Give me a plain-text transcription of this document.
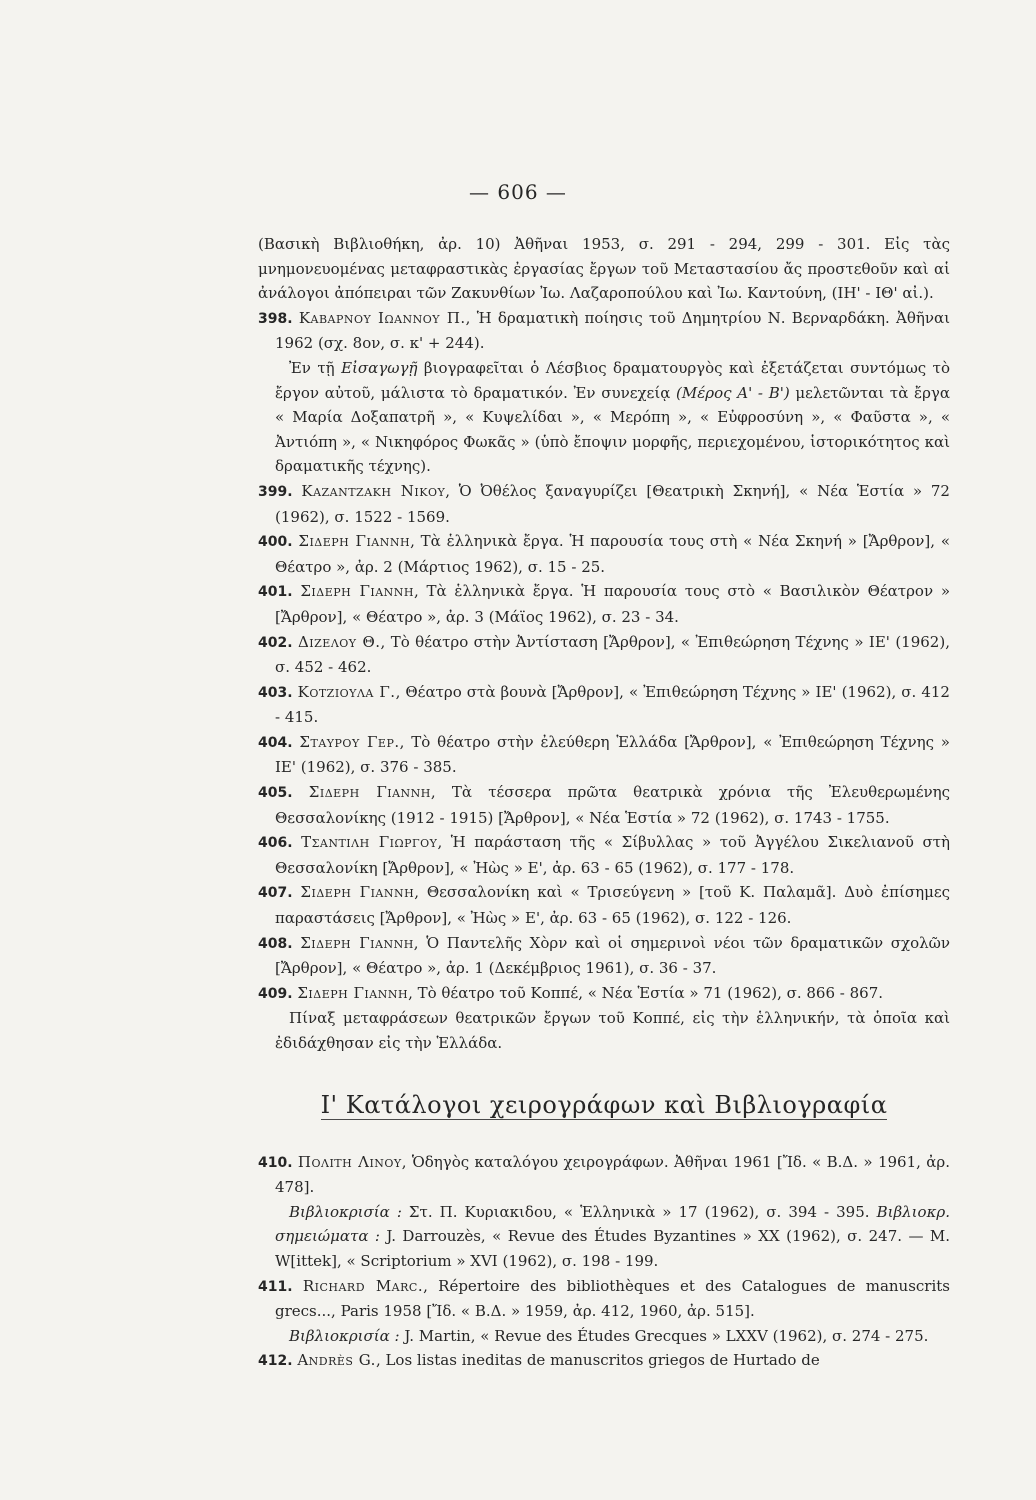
— 606 —

(Βασικὴ Βιβλιοθήκη, ἀρ. 10) Ἀθῆναι 1953, σ. 291 - 294, 299 - 301. Εἰς τὰς μνημονευομένας μεταφραστικὰς ἐργασίας ἔργων τοῦ Μεταστασίου ἄς προστεθοῦν καὶ αἱ ἀνάλογοι ἀπόπειραι τῶν Ζακυνθίων Ἰω. Λαζαροπούλου καὶ Ἰω. Καντούνη, (ΙΗ' - ΙΘ' αἰ.).

398. Καβαρνου Ιωαννου Π., Ἡ δραματικὴ ποίησις τοῦ Δημητρίου Ν. Βερναρδάκη. Ἀθῆναι 1962 (σχ. 8ον, σ. κ' + 244).

Ἐν τῇ Εἰσαγωγῇ βιογραφεῖται ὁ Λέσβιος δραματουργὸς καὶ ἐξετάζεται συντόμως τὸ ἔργον αὐτοῦ, μάλιστα τὸ δραματικόν. Ἐν συνεχείᾳ (Μέρος Α' - Β') μελετῶνται τὰ ἔργα « Μαρία Δοξαπατρῆ », « Κυψελίδαι », « Μερόπη », « Εὐφροσύνη », « Φαῦστα », « Ἀντιόπη », « Νικηφόρος Φωκᾶς » (ὑπὸ ἔποψιν μορφῆς, περιεχομένου, ἱστορικότητος καὶ δραματικῆς τέχνης).

399. Καζαντζακη Νικου, Ὁ Ὀθέλος ξαναγυρίζει [Θεατρικὴ Σκηνή], « Νέα Ἑστία » 72 (1962), σ. 1522 - 1569.

400. Σιδερη Γιαννη, Τὰ ἑλληνικὰ ἔργα. Ἡ παρουσία τους στὴ « Νέα Σκηνή » [Ἄρθρον], « Θέατρο », ἀρ. 2 (Μάρτιος 1962), σ. 15 - 25.

401. Σιδερη Γιαννη, Τὰ ἑλληνικὰ ἔργα. Ἡ παρουσία τους στὸ « Βασιλικὸν Θέατρον » [Ἄρθρον], « Θέατρο », ἀρ. 3 (Μάϊος 1962), σ. 23 - 34.

402. Διζελου Θ., Τὸ θέατρο στὴν Ἀντίσταση [Ἄρθρον], « Ἐπιθεώρηση Τέχνης » ΙΕ' (1962), σ. 452 - 462.

403. Κοτζιουλα Γ., Θέατρο στὰ βουνὰ [Ἄρθρον], « Ἐπιθεώρηση Τέχνης » ΙΕ' (1962), σ. 412 - 415.

404. Σταυρου Γερ., Τὸ θέατρο στὴν ἐλεύθερη Ἑλλάδα [Ἄρθρον], « Ἐπιθεώρηση Τέχνης » ΙΕ' (1962), σ. 376 - 385.

405. Σιδερη Γιαννη, Τὰ τέσσερα πρῶτα θεατρικὰ χρόνια τῆς Ἐλευθερωμένης Θεσσαλονίκης (1912 - 1915) [Ἄρθρον], « Νέα Ἑστία » 72 (1962), σ. 1743 - 1755.

406. Τσαντιλη Γιωργου, Ἡ παράσταση τῆς « Σίβυλλας » τοῦ Ἀγγέλου Σικελιανοῦ στὴ Θεσσαλονίκη [Ἄρθρον], « Ἠὼς » Ε', ἀρ. 63 - 65 (1962), σ. 177 - 178.

407. Σιδερη Γιαννη, Θεσσαλονίκη καὶ « Τρισεύγενη » [τοῦ Κ. Παλαμᾶ]. Δυὸ ἐπίσημες παραστάσεις [Ἄρθρον], « Ἠὼς » Ε', ἀρ. 63 - 65 (1962), σ. 122 - 126.

408. Σιδερη Γιαννη, Ὁ Παντελῆς Χὸρν καὶ οἱ σημερινοὶ νέοι τῶν δραματικῶν σχολῶν [Ἄρθρον], « Θέατρο », ἀρ. 1 (Δεκέμβριος 1961), σ. 36 - 37.

409. Σιδερη Γιαννη, Τὸ θέατρο τοῦ Κοππέ, « Νέα Ἑστία » 71 (1962), σ. 866 - 867.

Πίναξ μεταφράσεων θεατρικῶν ἔργων τοῦ Κοππέ, εἰς τὴν ἑλληνικήν, τὰ ὁποῖα καὶ ἐδιδάχθησαν εἰς τὴν Ἑλλάδα.

Ι' Κατάλογοι χειρογράφων καὶ Βιβλιογραφία

410. Πολιτη Λινου, Ὁδηγὸς καταλόγου χειρογράφων. Ἀθῆναι 1961 [Ἴδ. « Β.Δ. » 1961, ἀρ. 478].

Βιβλιοκρισία : Στ. Π. Κυριακιδου, « Ἑλληνικὰ » 17 (1962), σ. 394 - 395. Βιβλιοκρ. σημειώματα : J. Darrouzès, « Revue des Études Byzantines » XX (1962), σ. 247. — M. W[ittek], « Scriptorium » XVI (1962), σ. 198 - 199.

411. Richard Marc., Répertoire des bibliothèques et des Catalogues de manuscrits grecs..., Paris 1958 [Ἴδ. « Β.Δ. » 1959, ἀρ. 412, 1960, ἀρ. 515].

Βιβλιοκρισία : J. Martin, « Revue des Études Grecques » LXXV (1962), σ. 274 - 275.

412. Andrès G., Los listas ineditas de manuscritos griegos de Hurtado de
